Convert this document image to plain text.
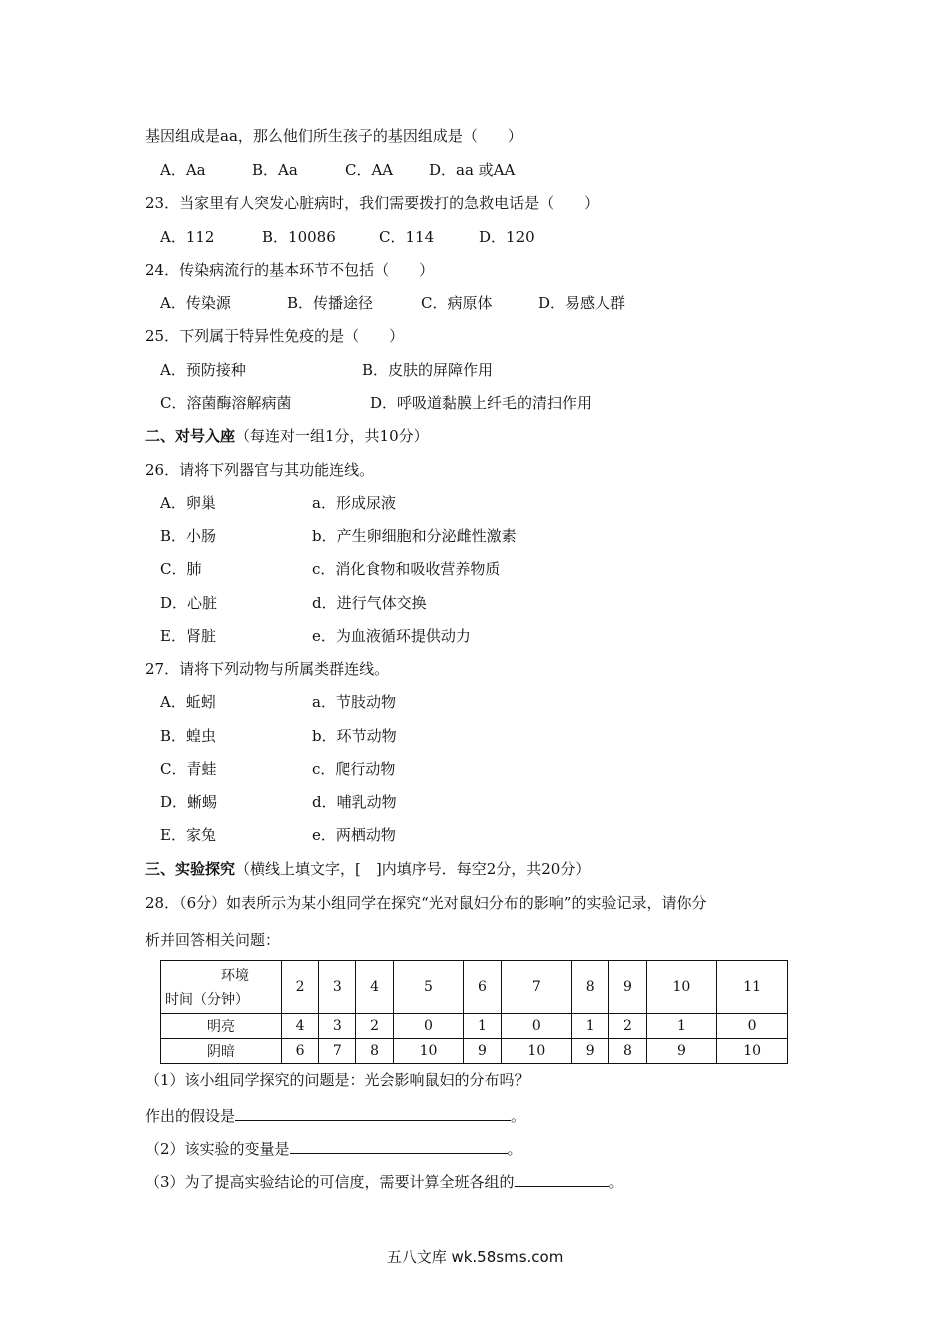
基因组成是aa，那么他们所生孩子的基因组成是（　　）
A．Aa	B．Aa	C．AA D．aa 或AA
23．当家里有人突发心脏病时，我们需要拨打的急救电话是（　　）
A．112	B．10086	C．114	D．120
24．传染病流行的基本环节不包括（　　）
A．传染源	B．传播途径	C．病原体	D．易感人群
25．下列属于特异性免疫的是（　　）
A．预防接种	B．皮肤的屏障作用
C．溶菌酶溶解病菌	D．呼吸道黏膜上纤毛的清扫作用
二、对号入座（每连对一组1分，共10分）
26．请将下列器官与其功能连线。
A．卵巢	a．形成尿液
B．小肠	b．产生卵细胞和分泌雌性激素
C．肺	c．消化食物和吸收营养物质
D．心脏	d．进行气体交换
E．肾脏	e．为血液循环提供动力
27．请将下列动物与所属类群连线。
A．蚯蚓	a．节肢动物
B．蝗虫	b．环节动物
C．青蛙	c．爬行动物
D．蜥蜴	d．哺乳动物
E．家兔	e．两栖动物
三、实验探究（横线上填文字，[　]内填序号．每空2分，共20分）
28．（6分）如表所示为某小组同学在探究“光对鼠妇分布的影响”的实验记录，请你分
析并回答相关问题：
环境
时间（分钟）	2	3	4	5	6	7	8	9	10	11
明亮	4	3	2	0	1	0	1	2	1	0
阴暗	6	7	8	10	9	10	9	8	9	10
（1）该小组同学探究的问题是：光会影响鼠妇的分布吗？
作出的假设是	。
（2）该实验的变量是	。
（3）为了提高实验结论的可信度，需要计算全班各组的	。
五八文库 wk.58sms.com
